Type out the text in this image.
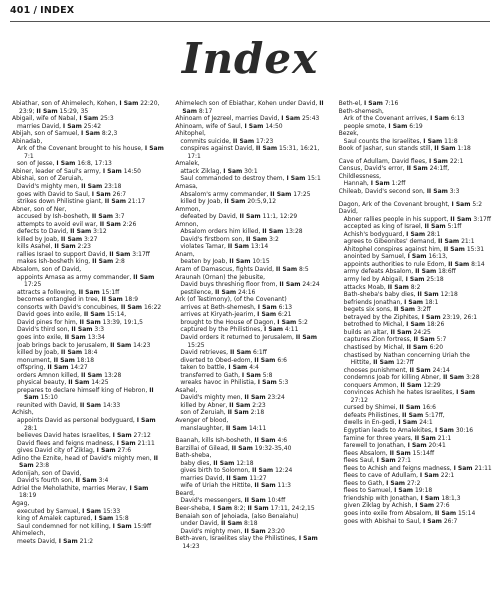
401 / INDEX
Index
Abiathar, son of Ahimelech, Kohen, I Sam 22:20, 23:9; II Sam 15:29, 35
Abigail, wife of Nabal, I Sam 25:3
marries David, I Sam 25:42
Abijah, son of Samuel, I Sam 8:2,3
Abinadab,
Ark of the Covenant brought to his house, I Sam 7:1
son of Jesse, I Sam 16:8, 17:13
Abiner, leader of Saul's army, I Sam 14:50
Abishai, son of Zeruiah,
David's mighty men, II Sam 23:18
goes with David to Saul, I Sam 26:7
strikes down Philistine giant, II Sam 21:17
Abner, son of Ner,
accused by Ish-bosheth, II Sam 3:7
attempts to avoid evil war, II Sam 2:26
defects to David, II Sam 3:12
killed by Joab, II Sam 3:27
kills Asahel, II Sam 2:23
rallies Israel to support David, II Sam 3:17ff
makes Ish-bosheth king, II Sam 2:8
Absalom, son of David,
appoints Amasa as army commander, II Sam 17:25
attracts a following, II Sam 15:1ff
becomes entangled in tree, II Sam 18:9
consorts with David's concubines, II Sam 16:22
David goes into exile, II Sam 15:14,
David pines for him, II Sam 13:39, 19:1,5
David's third son, II Sam 3:3
goes into exile, II Sam 13:34
Joab brings back to Jerusalem, II Sam 14:23
killed by Joab, II Sam 18:4
monument, II Sam 18:18
offspring, II Sam 14:27
orders Amnon killed, II Sam 13:28
physical beauty, II Sam 14:25
prepares to declare himself king of Hebron, II Sam 15:10
reunited with David, II Sam 14:33
Achish,
appoints David as personal bodyguard, I Sam 28:1
believes David hates Israelites, I Sam 27:12
David flees and feigns madness, I Sam 21:11
gives David city of Ziklag, I Sam 27:6
Adino the Eznite, head of David's mighty men, II Sam 23:8
Adonijah, son of David,
David's fourth son, II Sam 3:4
Adriel the Meholathite, marries Merav, I Sam 18:19
Agag,
executed by Samuel, I Sam 15:33
king of Amalek captured, I Sam 15:8
Saul condemned for not killing, I Sam 15:9ff
Ahimelech,
meets David, I Sam 21:2
Ahimelech son of Ebiathar, Kohen under David, II Sam 8:17
Ahinoam of Jezreel, marries David, I Sam 25:43
Ahinoam, wife of Saul, I Sam 14:50
Ahitophel,
commits suicide, II Sam 17:23
conspires against David, II Sam 15:31, 16:21, 17:1
Amalek,
attack Ziklag, I Sam 30:1
Saul commanded to destroy them, I Sam 15:1
Amasa,
Absalom's army commander, II Sam 17:25
killed by Joab, II Sam 20:5,9,12
Ammon,
defeated by David, II Sam 11:1, 12:29
Amnon,
Absalom orders him killed, II Sam 13:28
David's firstborn son, II Sam 3:2
violates Tamar, II Sam 13:14
Anam,
beaten by Joab, II Sam 10:15
Aram of Damascus, fights David, II Sam 8:5
Araunah (Ornan) the Jebusite,
David buys threshing floor from, II Sam 24:24
pestilence, II Sam 24:16
Ark (of Testimony), (of the Covenant)
arrives at Beth-shemesh, I Sam 6:13
arrives at Kiryath-jearim, I Sam 6:21
brought to the House of Dagon, I Sam 5:2
captured by the Philistines, I Sam 4:11
David orders it returned to Jerusalem, II Sam 15:25
David retrieves, II Sam 6:1ff
diverted to Obed-edom, II Sam 6:6
taken to battle, I Sam 4:4
transferred to Gath, I Sam 5:8
wreaks havoc in Philistia, I Sam 5:3
Asahel,
David's mighty men, II Sam 23:24
killed by Abner, II Sam 2:23
son of Zeruiah, II Sam 2:18
Avenger of blood,
manslaughter, II Sam 14:11
Baanah, kills Ish-bosheth, II Sam 4:6
Barzillai of Gilead, II Sam 19:32-35,40
Bath-sheba,
baby dies, II Sam 12:18
gives birth to Solomon, II Sam 12:24
marries David, II Sam 11:27
wife of Uriah the Hittite, II Sam 11:3
Beard,
David's messengers, II Sam 10:4ff
Beer-sheba, I Sam 8:2; II Sam 17:11, 24:2,15
Benaiah son of Jehoiada, (also Benaiahu)
under David, II Sam 8:18
David's mighty men, II Sam 23:20
Beth-aven, Israelites slay the Philistines, I Sam 14:23
Beth-el, I Sam 7:16
Beth-shemesh,
Ark of the Covenant arrives, I Sam 6:13
people smote, I Sam 6:19
Bezek,
Saul counts the Israelites, I Sam 11:8
Book of Jashar, sun stands still, II Sam 1:18
Cave of Adullam, David flees, I Sam 22:1
Census, David's error, II Sam 24:1ff,
Childlessness,
Hannah, I Sam 1:2ff
Chileab, David's second son, II Sam 3:3
Dagon, Ark of the Covenant brought, I Sam 5:2
David,
Abner rallies people in his support, II Sam 3:17ff
accepted as king of Israel, II Sam 5:1ff
Achish's bodyguard, I Sam 28:1
agrees to Gibeonites' demand, II Sam 21:1
Ahitophel conspires against him, II Sam 15:31
anointed by Samuel, I Sam 16:13,
appoints authorities to rule Edom, II Sam 8:14
army defeats Absalom, II Sam 18:6ff
army led by Abigail, I Sam 25:18
attacks Moab, II Sam 8:2
Bath-sheba's baby dies, II Sam 12:18
befriends Jonathan, I Sam 18:1
begets six sons, II Sam 3:2ff
betrayed by the Ziphites, I Sam 23:19, 26:1
betrothed to Michal, I Sam 18:26
builds an altar, II Sam 24:25
captures Zion fortress, II Sam 5:7
chastised by Michal, II Sam 6:20
chastised by Nathan concerning Uriah the Hittite, II Sam 12:7ff
chooses punishment, II Sam 24:14
condemns Joab for killing Abner, II Sam 3:28
conquers Ammon, II Sam 12:29
convinces Achish he hates Israelites, I Sam 27:12
cursed by Shimei, II Sam 16:6
defeats Philistines, II Sam 5:17ff,
dwells in En-gedi, I Sam 24:1
Egyptian leads to Amalekites, I Sam 30:16
famine for three years, II Sam 21:1
farewell to Jonathan, I Sam 20:41
flees Absalom, II Sam 15:14ff
flees Saul, I Sam 27:1
flees to Achish and feigns madness, I Sam 21:11
flees to cave of Adullam, I Sam 22:1
flees to Gath, I Sam 27:2
flees to Samuel, I Sam 19:18
friendship with Jonathan, I Sam 18:1,3
given Ziklag by Achish, I Sam 27:6
goes into exile from Absalom, II Sam 15:14
goes with Abishai to Saul, I Sam 26:7
